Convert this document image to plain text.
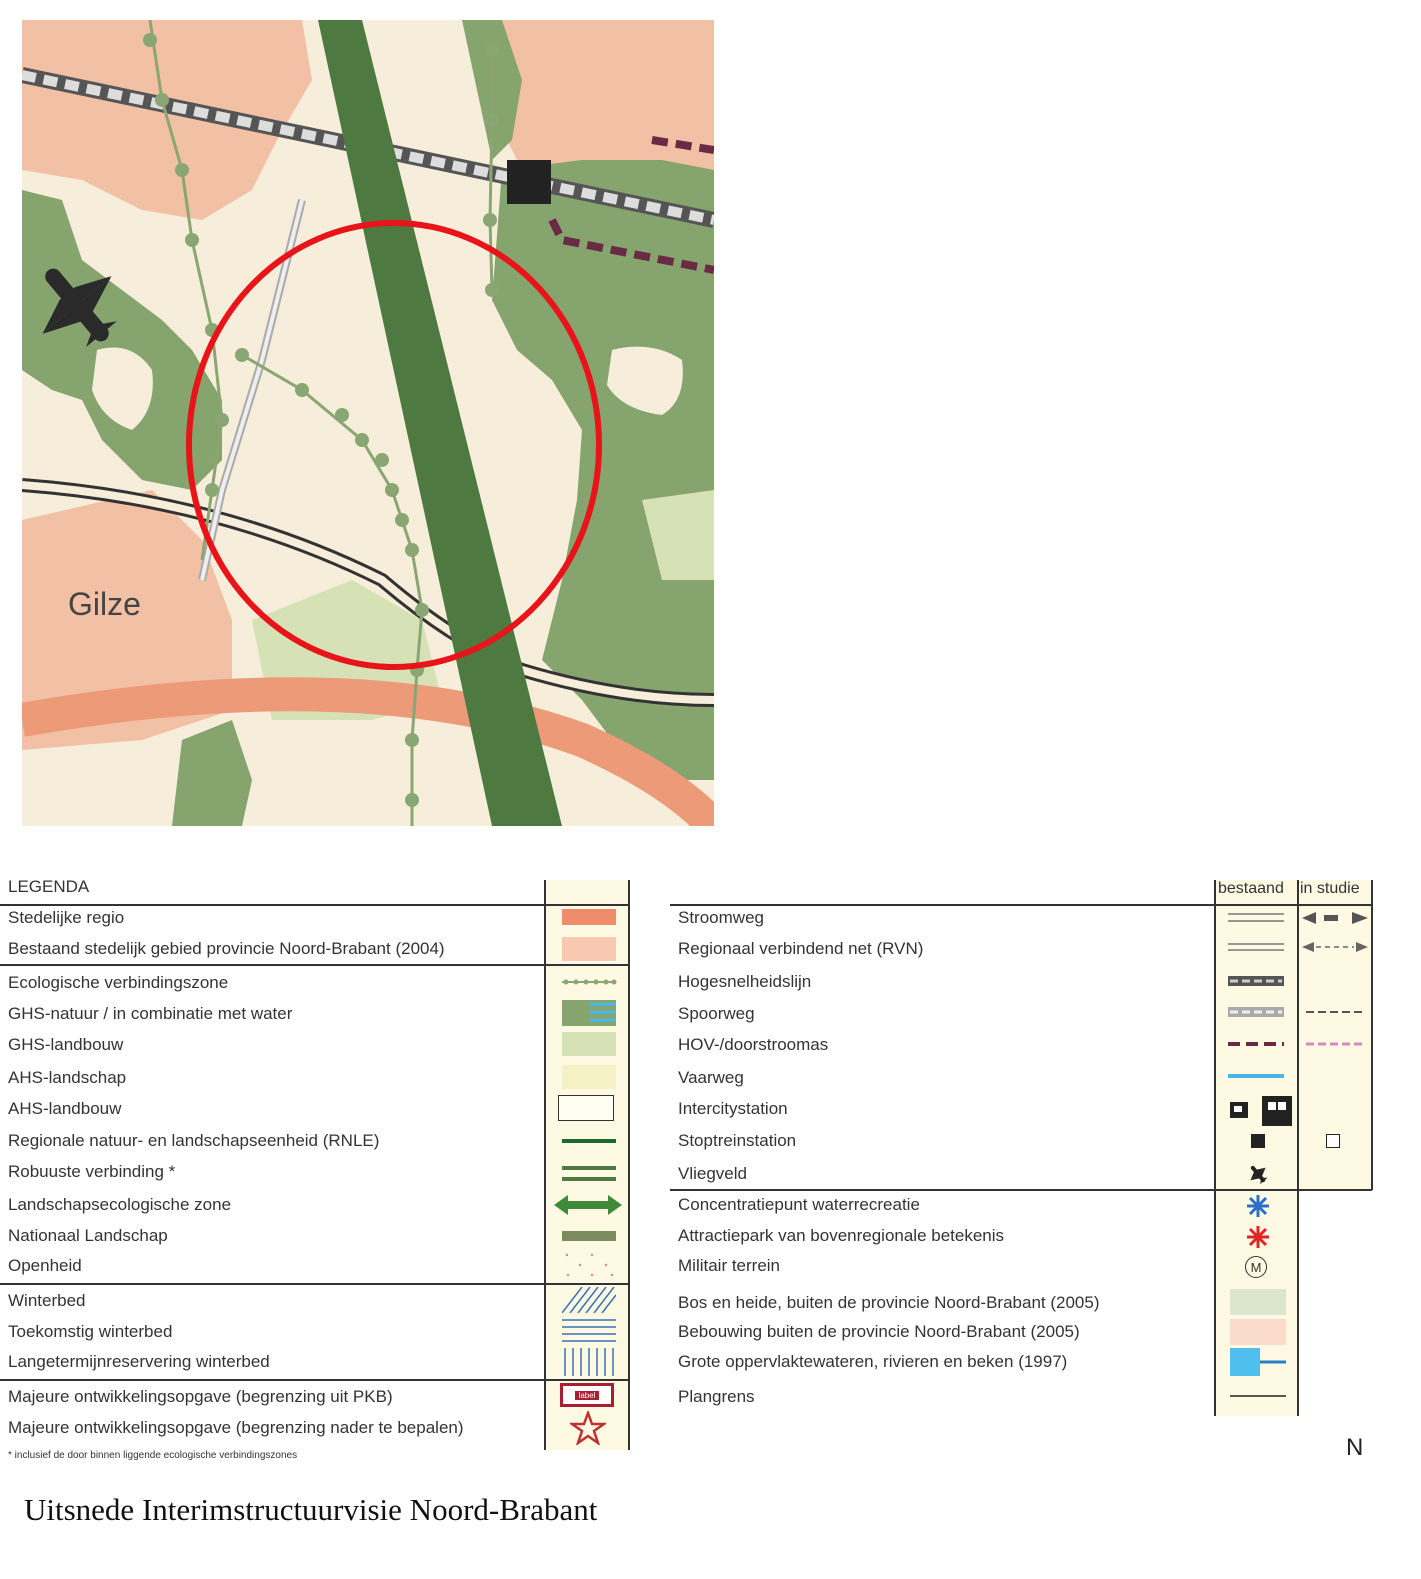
Gilze
LEGENDA
Stedelijke regio
Bestaand stedelijk gebied provincie Noord-Brabant (2004)
Ecologische verbindingszone
GHS-natuur / in combinatie met water
GHS-landbouw
AHS-landschap
AHS-landbouw
Regionale natuur- en landschapseenheid (RNLE)
Robuuste verbinding *
Landschapsecologische zone
Nationaal Landschap
Openheid
Winterbed
Toekomstig winterbed
Langetermijnreservering winterbed
Majeure ontwikkelingsopgave (begrenzing uit PKB)
Majeure ontwikkelingsopgave (begrenzing nader te bepalen)
label
* inclusief de door binnen liggende ecologische verbindingszones
bestaand in studie
Stroomweg
Regionaal verbindend net (RVN)
Hogesnelheidslijn
Spoorweg
HOV-/doorstroomas
Vaarweg
Intercitystation
Stoptreinstation
Vliegveld
Concentratiepunt waterrecreatie
Attractiepark van bovenregionale betekenis
Militair terrein
Bos en heide, buiten de provincie Noord-Brabant (2005)
Bebouwing buiten de provincie Noord-Brabant (2005)
Grote oppervlaktewateren, rivieren en beken (1997)
Plangrens
M
N
Uitsnede Interimstructuurvisie Noord-Brabant
